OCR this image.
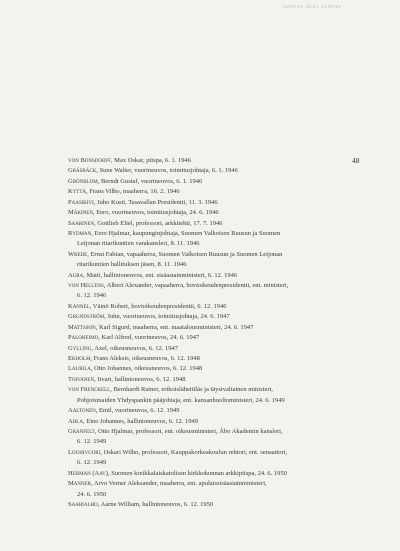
Annexe deux centres
48
von Bonsdorff, Max Oskar, piispa, 6. 1. 1946
Gräsbäck, Sune Walter, vuorineuvos, toimitusjohtaja, 6. 1. 1946
Grönblom, Berndt Gustaf, vuorineuvos, 6. 1. 1946
Kyttä, Frans Vilho, maaherra, 16. 2. 1946
Paasikivi, Juho Kusti, Tasavallan Presidentti, 11. 3. 1946
Mäkinen, Eero, vuorineuvos, toimitusjohtaja, 24. 6. 1946
Saarinen, Gottlieb Eliel, professori, arkkitehti, 17. 7. 1946
Rydman, Eero Hjalmar, kaupunginjohtaja, Suomen Valkoisen Ruusun ja Suomen
Leijonan ritarikuntien varakansleri, 8. 11. 1946
Wrede, Ernst Fabian, vapaaherra, Suomen Valkoisen Ruusun ja Suomen Leijonan
ritarikuntien hallituksen jäsen, 8. 11. 1946
Aura, Matti, hallintoneuvos, ent. sisäasiainministeri, 6. 12. 1946
von Hellens, Albert Alexander, vapaaherra, hovioikeudenpresidentti, ent. ministeri,
6. 12. 1946
Kannel, Väinö Robert, hovioikeudenpresidentti, 6. 12. 1946
Grundström, John, vuorineuvos, toimitusjohtaja, 24. 6. 1947
Mattsson, Karl Sigurd, maaherra, ent. maatalousministeri, 24. 6. 1947
Paloheimo, Karl Alfred, vuorineuvos, 24. 6. 1947
Gylling, Axel, oikeusneuvos, 6. 12. 1947
Ekholm, Frans Aleksis, oikeusneuvos, 6. 12. 1948
Laurila, Otto Johannes, oikeusneuvos, 6. 12. 1948
Toivanen, Iivari, hallintoneuvos, 6. 12. 1948
von Frenckell, Bernhardt Rainer, erikoislähettiläs ja täysivaltainen ministeri,
Pohjoismaiden Yhdyspankin pääjohtaja, ent. kansanhuoltoministeri, 24. 6. 1949
Aaltonen, Emil, vuorineuvos, 6. 12. 1949
Ahla, Eino Johannes, hallintoneuvos, 6. 12. 1949
Granfelt, Otto Hjalmar, professori, ent. oikeusministeri, Åbo Akademin kansleri,
6. 12. 1949
Louhivuori, Oskari Wilho, professori, Kauppakorkeakoulun rehtori, ent. senaattori,
6. 12. 1949
Herman (Aav), Suomen kreikkalaiskatolisen kirkkokunnan arkkipiispa, 24. 6. 1950
Manner, Arvo Verner Aleksander, maaherra, ent. apulaissisäasiainministeri,
24. 6. 1950
Saarialho, Aarne William, hallintoneuvos, 6. 12. 1950
